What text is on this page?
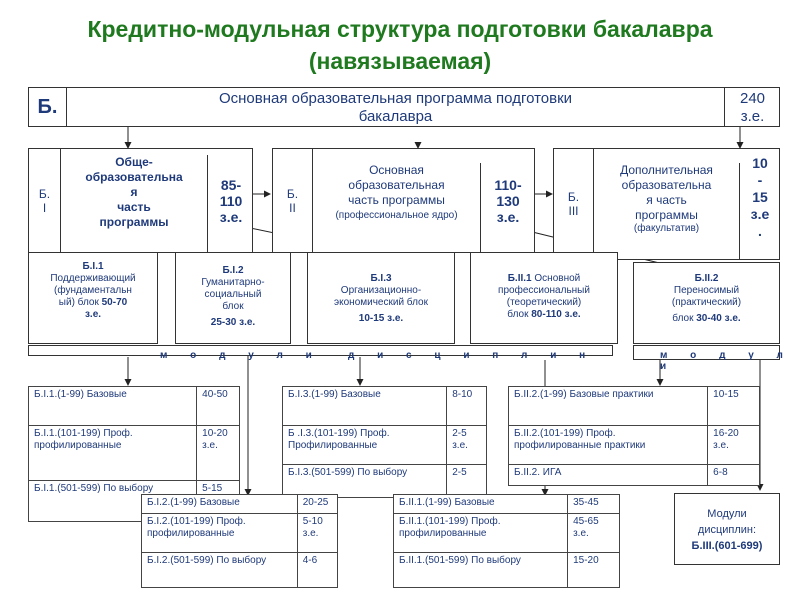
Кредитно-модульная структура подготовки бакалавра
(навязываемая)
Б.	Основная образовательная программа подготовки
бакалавра
240
з.е.
Б.
I
Обще-
образовательна
я
часть
программы
85-
110
з.е.
Б.
II
Основная
образовательная
часть программы
(профессиональное ядро)
110-
130
з.е.
Б.
III
Дополнительная
образовательна
я часть
программы
(факультатив)
10
-
15
з.е
.
Б.I.1
Поддерживающий
(фундаментальн
ый) блок 50-70
з.е.
Б.I.2
Гуманитарно-
социальный
блок
25-30 з.е.
Б.I.3
Организационно-
экономический блок
10-15 з.е.
Б.II.1 Основной
профессиональный
(теоретический)
блок 80-110 з.е.
Б.II.2
Переносимый
(практический)
блок 30-40 з.е.
м о д у л и	д и с ц и п л и н	м о д у л и
Б.I.1.(1-99) Базовые	40-50
Б.I.1.(101-199) Проф. профилированные	10-20 з.е.
Б.I.1.(501-599) По выбору	5-15
Б.I.3.(1-99) Базовые	8-10
Б .I.3.(101-199) Проф. Профилированные	2-5 з.е.
Б.I.3.(501-599) По выбору	2-5
Б.II.2.(1-99) Базовые практики	10-15
Б.II.2.(101-199) Проф. профилированные практики	16-20 з.е.
Б.II.2. ИГА	6-8
Б.I.2.(1-99) Базовые	20-25
Б.I.2.(101-199) Проф. профилированные	5-10 з.е.
Б.I.2.(501-599) По выбору	4-6
Б.II.1.(1-99) Базовые	35-45
Б.II.1.(101-199) Проф. профилированные	45-65 з.е.
Б.II.1.(501-599) По выбору	15-20
Модули
дисциплин:
Б.III.(601-699)
